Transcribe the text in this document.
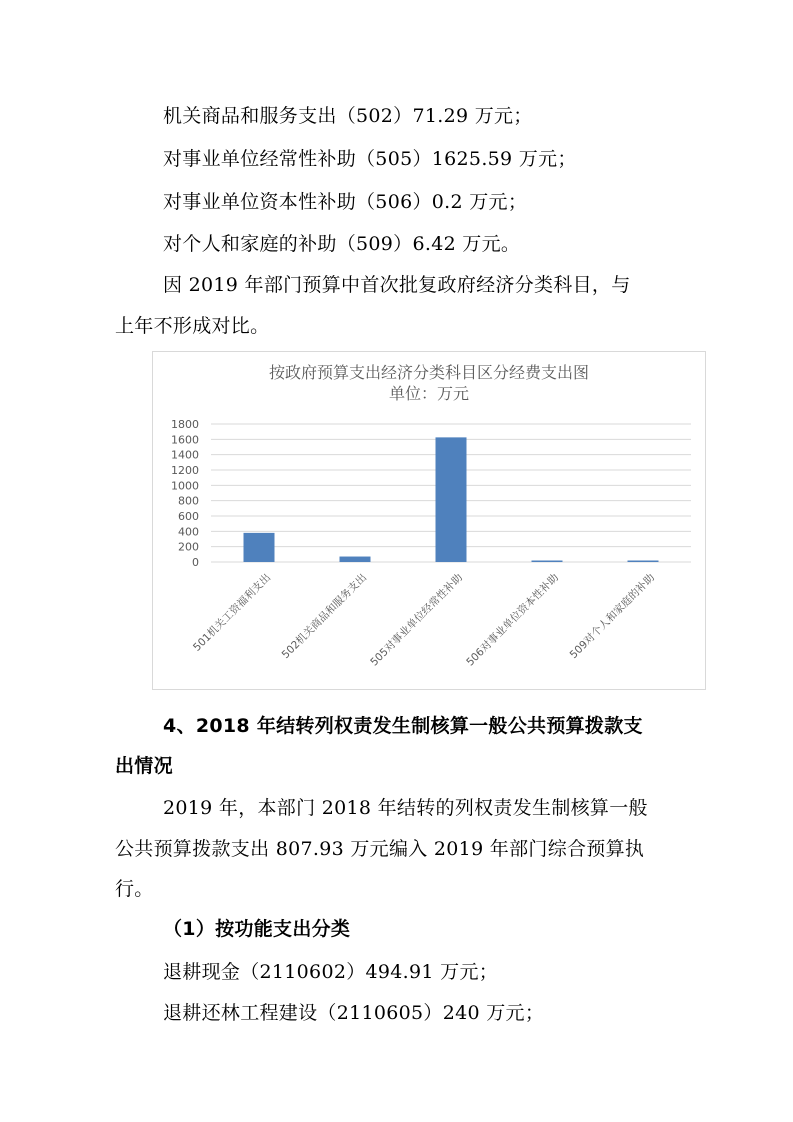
机关商品和服务支出（502）71.29 万元；
对事业单位经常性补助（505）1625.59 万元；
对事业单位资本性补助（506）0.2 万元；
对个人和家庭的补助（509）6.42 万元。
因 2019 年部门预算中首次批复政府经济分类科目，与
上年不形成对比。
按政府预算支出经济分类科目区分经费支出图
单位：万元
0
200
400
600
800
1000
1200
1400
1600
1800
501机关工资福利支出 502机关商品和服务支出 505对事业单位经常性补助 506对事业单位资本性补助 509对个人和家庭的补助
4、2018 年结转列权责发生制核算一般公共预算拨款支
出情况
2019 年，本部门 2018 年结转的列权责发生制核算一般
公共预算拨款支出 807.93 万元编入 2019 年部门综合预算执
行。
（1）按功能支出分类
退耕现金（2110602）494.91 万元；
退耕还林工程建设（2110605）240 万元；
